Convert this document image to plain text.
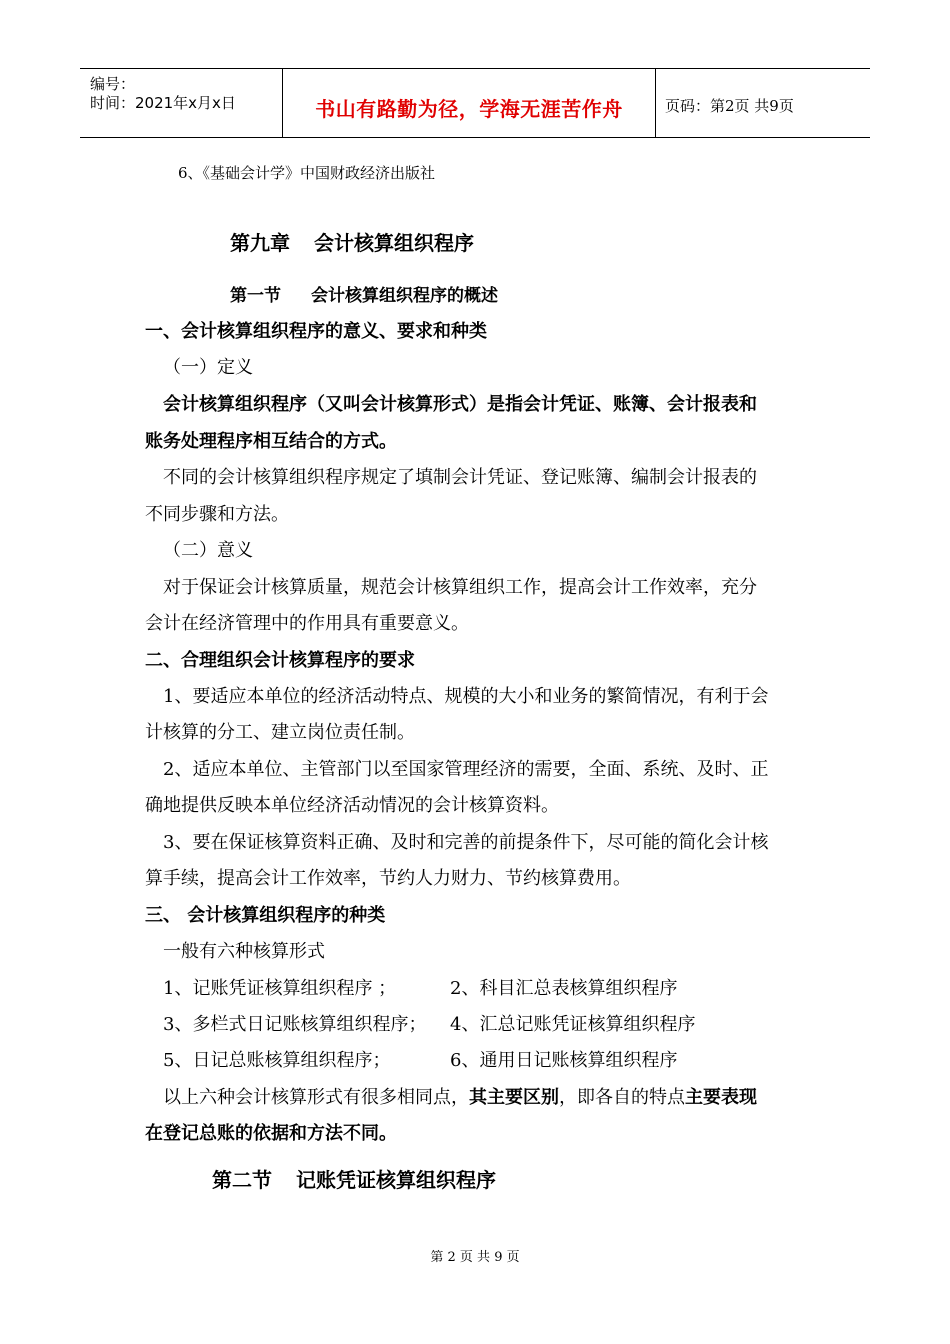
编号：
时间：2021年x月x日	书山有路勤为径，学海无涯苦作舟	页码：第2页 共9页
6、《基础会计学》中国财政经济出版社
第九章 会计核算组织程序
第一节 会计核算组织程序的概述
一、会计核算组织程序的意义、要求和种类
（一）定义
会计核算组织程序（又叫会计核算形式）是指会计凭证、账簿、会计报表和
账务处理程序相互结合的方式。
不同的会计核算组织程序规定了填制会计凭证、登记账簿、编制会计报表的
不同步骤和方法。
（二）意义
对于保证会计核算质量，规范会计核算组织工作，提高会计工作效率，充分
会计在经济管理中的作用具有重要意义。
二、合理组织会计核算程序的要求
1、要适应本单位的经济活动特点、规模的大小和业务的繁简情况，有利于会
计核算的分工、建立岗位责任制。
2、适应本单位、主管部门以至国家管理经济的需要，全面、系统、及时、正
确地提供反映本单位经济活动情况的会计核算资料。
3、要在保证核算资料正确、及时和完善的前提条件下，尽可能的简化会计核
算手续，提高会计工作效率，节约人力财力、节约核算费用。
三、 会计核算组织程序的种类
一般有六种核算形式
1、记账凭证核算组织程序 ；	2、科目汇总表核算组织程序
3、多栏式日记账核算组织程序； 4、汇总记账凭证核算组织程序
5、日记总账核算组织程序；	6、通用日记账核算组织程序
以上六种会计核算形式有很多相同点，其主要区别，即各自的特点主要表现
在登记总账的依据和方法不同。
第二节 记账凭证核算组织程序
第 2 页 共 9 页
